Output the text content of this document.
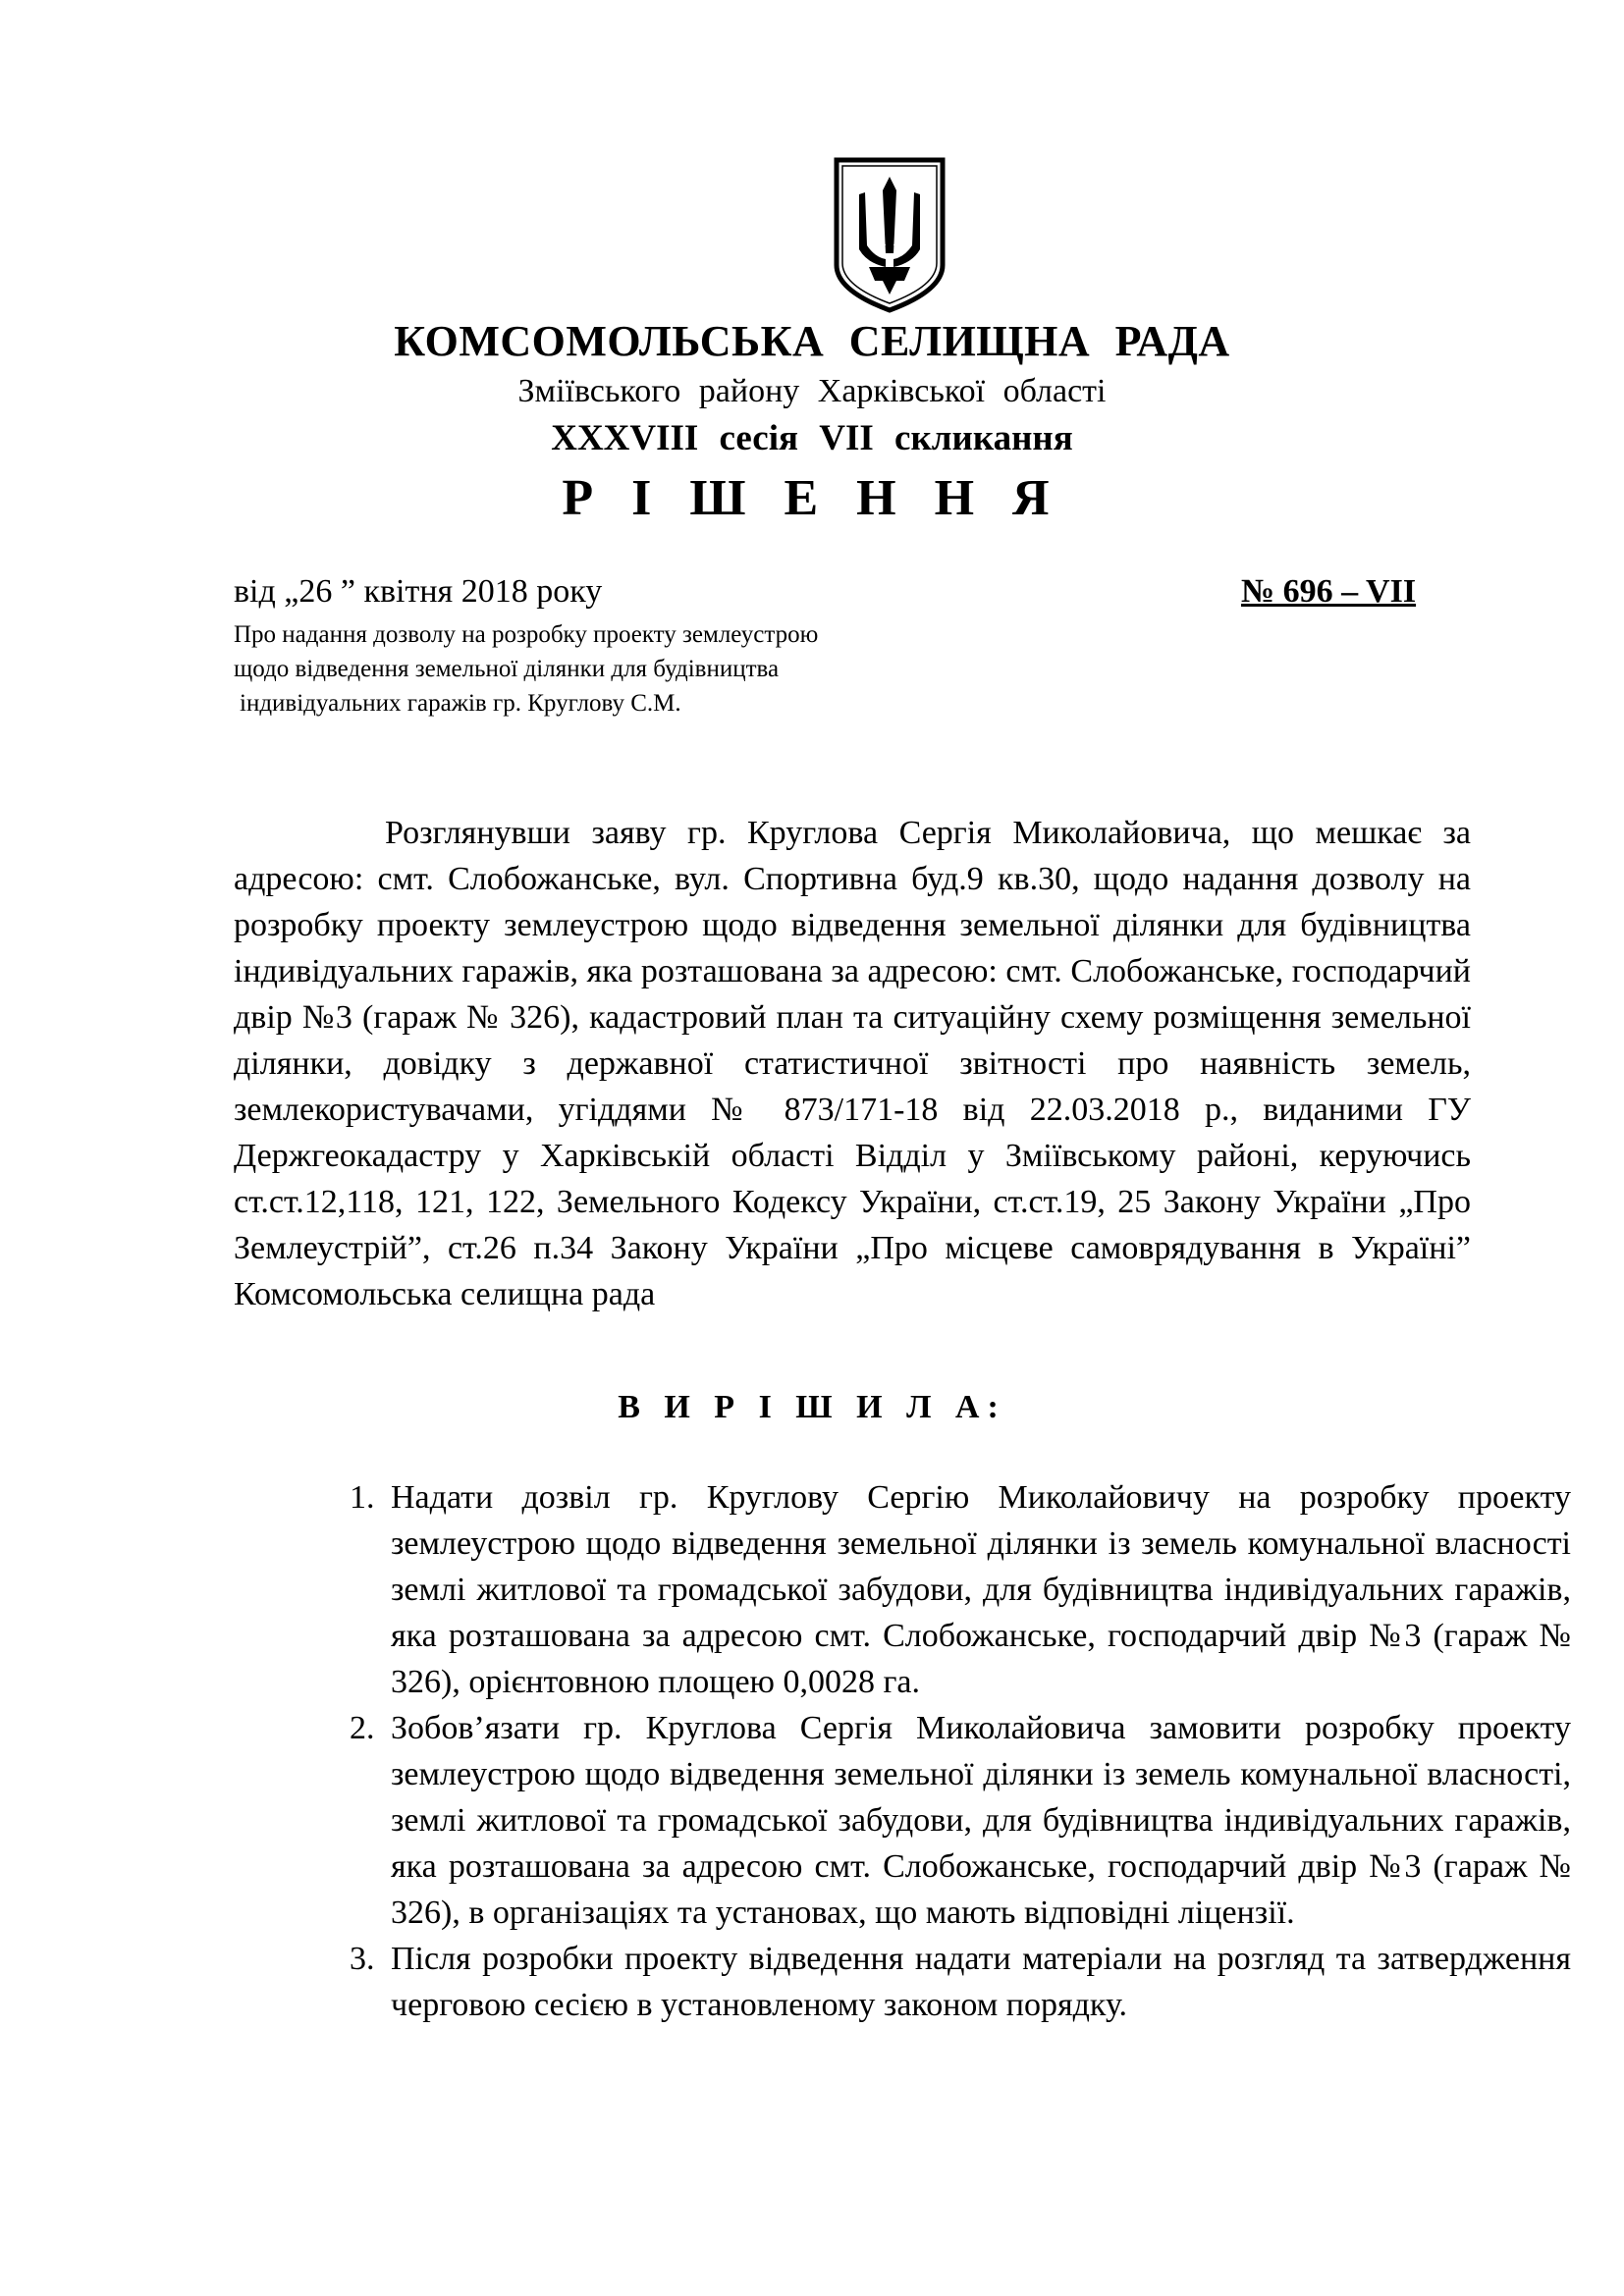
КОМСОМОЛЬСЬКА СЕЛИЩНА РАДА
Зміївського району Харківської області
XXXVIII сесія VII скликання
Р І Ш Е Н Н Я
від „26 ” квітня 2018 року	№ 696 – VII
Про надання дозволу на розробку проекту землеустрою
щодо відведення земельної ділянки для будівництва
індивідуальних гаражів гр. Круглову С.М.

Розглянувши заяву гр. Круглова Сергія Миколайовича, що мешкає за адресою: смт. Слобожанське, вул. Спортивна буд.9 кв.30, щодо надання дозволу на розробку проекту землеустрою щодо відведення земельної ділянки для будівництва індивідуальних гаражів, яка розташована за адресою: смт. Слобожанське, господарчий двір №3 (гараж № 326), кадастровий план та ситуаційну схему розміщення земельної ділянки, довідку з державної статистичної звітності про наявність земель, землекористувачами, угіддями № 873/171-18 від 22.03.2018 р., виданими ГУ Держгеокадастру у Харківській області Відділ у Зміївському районі, керуючись ст.ст.12,118, 121, 122, Земельного Кодексу України, ст.ст.19, 25 Закону України „Про Землеустрій”, ст.26 п.34 Закону України „Про місцеве самоврядування в Україні” Комсомольська селищна рада

В И Р І Ш И Л А:
1. Надати дозвіл гр. Круглову Сергію Миколайовичу на розробку проекту землеустрою щодо відведення земельної ділянки із земель комунальної власності землі житлової та громадської забудови, для будівництва індивідуальних гаражів, яка розташована за адресою смт. Слобожанське, господарчий двір №3 (гараж № 326), орієнтовною площею 0,0028 га.
2. Зобов’язати гр. Круглова Сергія Миколайовича замовити розробку проекту землеустрою щодо відведення земельної ділянки із земель комунальної власності, землі житлової та громадської забудови, для будівництва індивідуальних гаражів, яка розташована за адресою смт. Слобожанське, господарчий двір №3 (гараж № 326), в організаціях та установах, що мають відповідні ліцензії.
3. Після розробки проекту відведення надати матеріали на розгляд та затвердження черговою сесією в установленому законом порядку.
